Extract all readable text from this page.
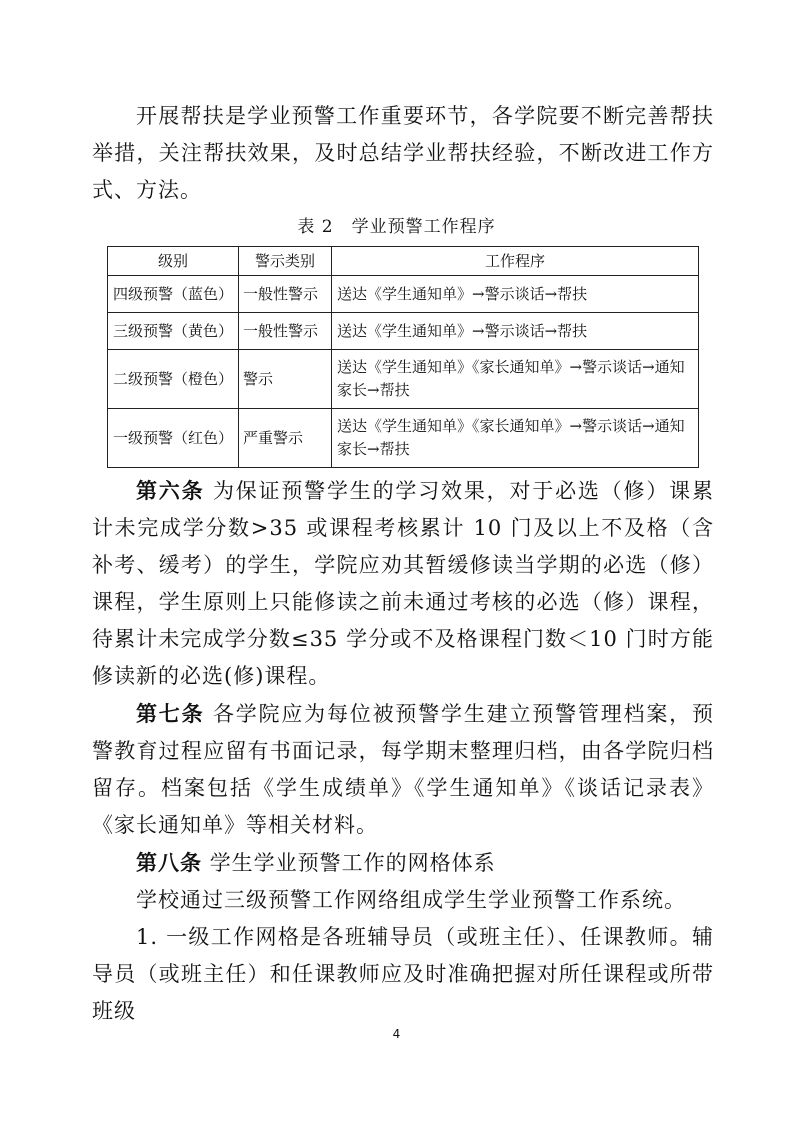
开展帮扶是学业预警工作重要环节，各学院要不断完善帮扶举措，关注帮扶效果，及时总结学业帮扶经验，不断改进工作方式、方法。

表 2　学业预警工作程序
级别	警示类别	工作程序
四级预警（蓝色）	一般性警示	送达《学生通知单》→警示谈话→帮扶
三级预警（黄色）	一般性警示	送达《学生通知单》→警示谈话→帮扶
二级预警（橙色）	警示	送达《学生通知单》《家长通知单》→警示谈话→通知家长→帮扶
一级预警（红色）	严重警示	送达《学生通知单》《家长通知单》→警示谈话→通知家长→帮扶

第六条 为保证预警学生的学习效果，对于必选（修）课累计未完成学分数>35 或课程考核累计 10 门及以上不及格（含补考、缓考）的学生，学院应劝其暂缓修读当学期的必选（修）课程，学生原则上只能修读之前未通过考核的必选（修）课程，待累计未完成学分数≤35 学分或不及格课程门数＜10 门时方能修读新的必选(修)课程。

第七条 各学院应为每位被预警学生建立预警管理档案，预警教育过程应留有书面记录，每学期末整理归档，由各学院归档留存。档案包括《学生成绩单》《学生通知单》《谈话记录表》《家长通知单》等相关材料。

第八条 学生学业预警工作的网格体系

学校通过三级预警工作网络组成学生学业预警工作系统。

1. 一级工作网格是各班辅导员（或班主任）、任课教师。辅导员（或班主任）和任课教师应及时准确把握对所任课程或所带班级

4
